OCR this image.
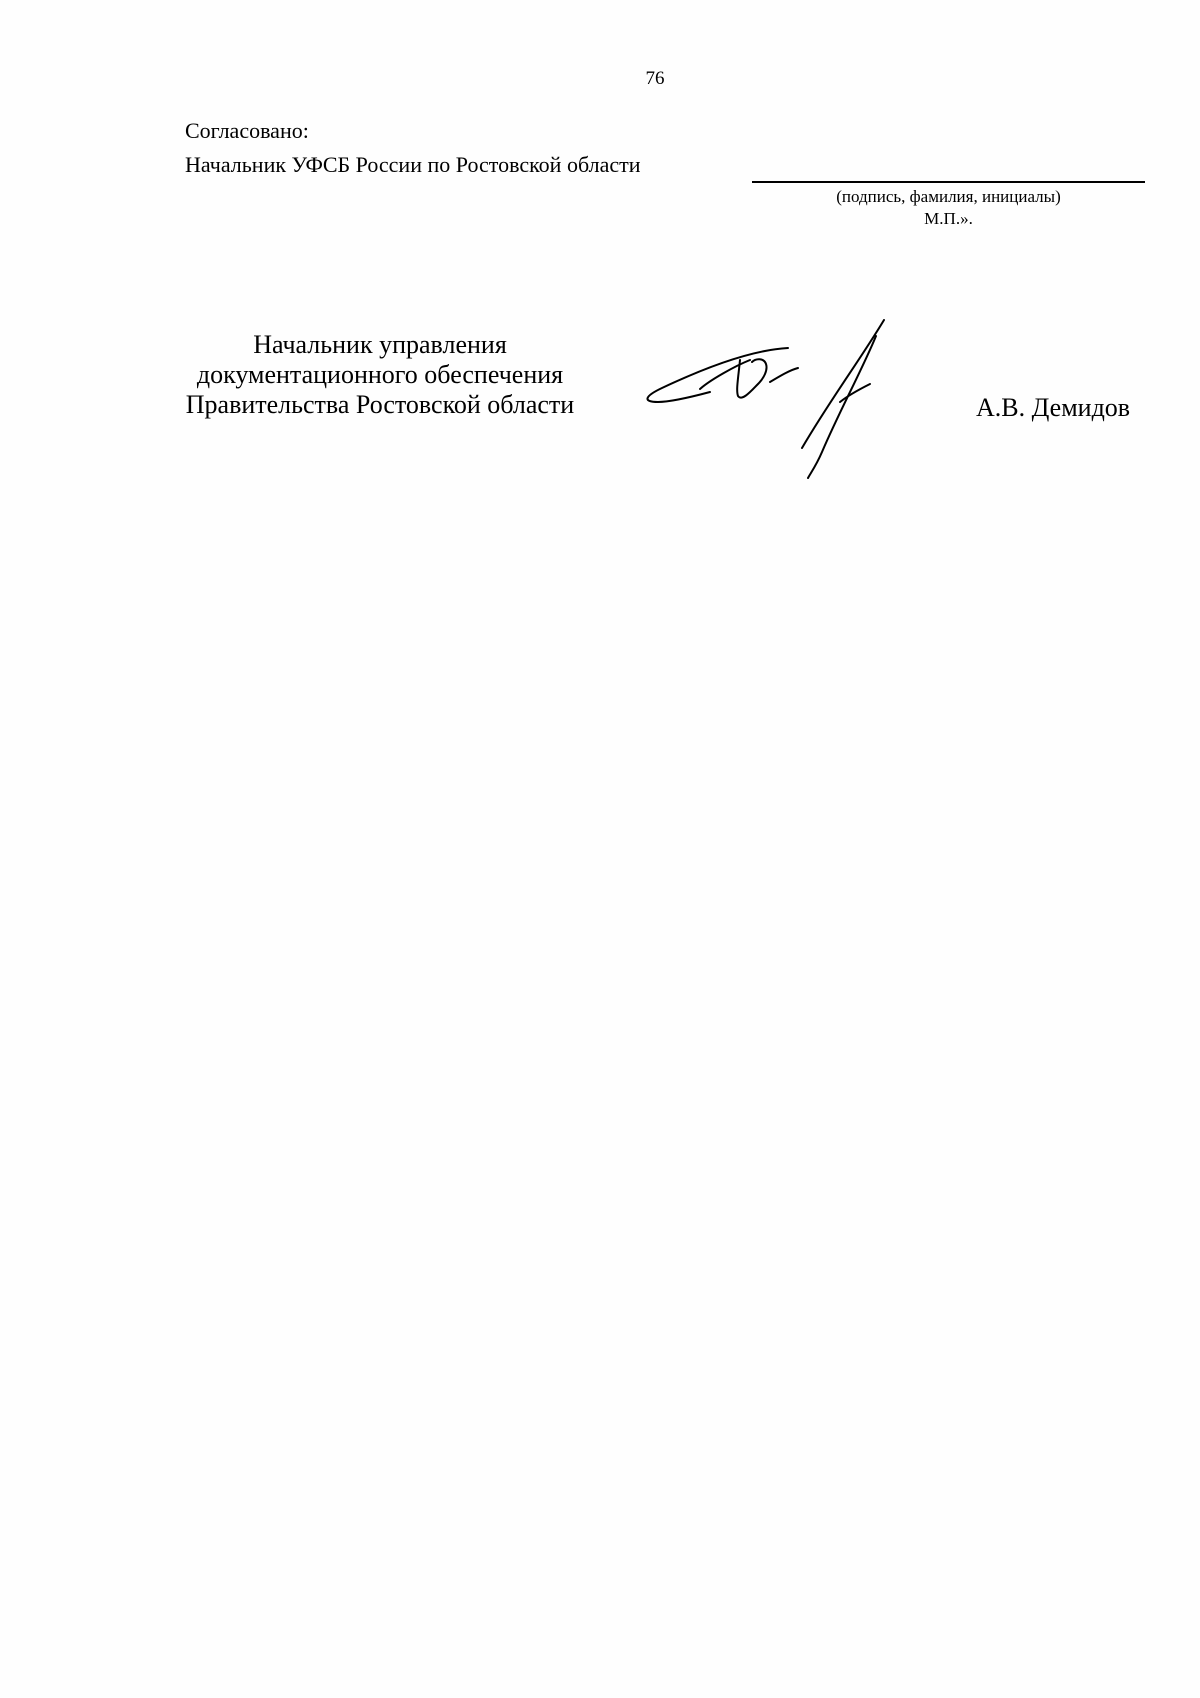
76
Согласовано:
Начальник УФСБ России по Ростовской области
(подпись, фамилия, инициалы)
М.П.».
Начальник управления
документационного обеспечения
Правительства Ростовской области	А.В. Демидов
